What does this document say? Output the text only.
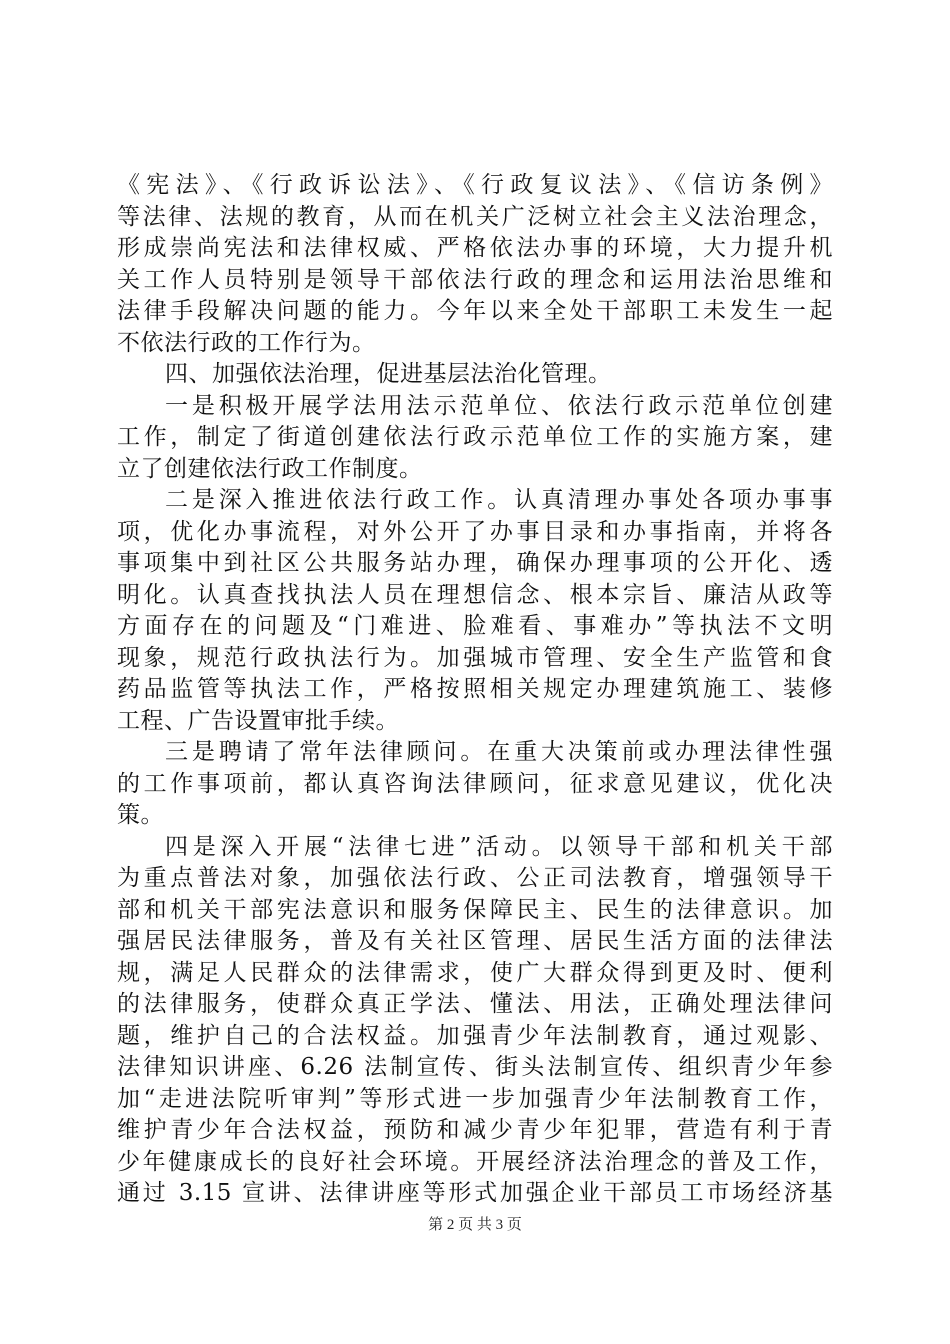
《宪法》、《行政诉讼法》、《行政复议法》、《信访条例》
等法律、法规的教育，从而在机关广泛树立社会主义法治理念，
形成崇尚宪法和法律权威、严格依法办事的环境，大力提升机
关工作人员特别是领导干部依法行政的理念和运用法治思维和
法律手段解决问题的能力。今年以来全处干部职工未发生一起
不依法行政的工作行为。
四、加强依法治理，促进基层法治化管理。
一是积极开展学法用法示范单位、依法行政示范单位创建
工作，制定了街道创建依法行政示范单位工作的实施方案，建
立了创建依法行政工作制度。
二是深入推进依法行政工作。认真清理办事处各项办事事
项，优化办事流程，对外公开了办事目录和办事指南，并将各
事项集中到社区公共服务站办理，确保办理事项的公开化、透
明化。认真查找执法人员在理想信念、根本宗旨、廉洁从政等
方面存在的问题及“门难进、脸难看、事难办”等执法不文明
现象，规范行政执法行为。加强城市管理、安全生产监管和食
药品监管等执法工作，严格按照相关规定办理建筑施工、装修
工程、广告设置审批手续。
三是聘请了常年法律顾问。在重大决策前或办理法律性强
的工作事项前，都认真咨询法律顾问，征求意见建议，优化决
策。
四是深入开展“法律七进”活动。以领导干部和机关干部
为重点普法对象，加强依法行政、公正司法教育，增强领导干
部和机关干部宪法意识和服务保障民主、民生的法律意识。加
强居民法律服务，普及有关社区管理、居民生活方面的法律法
规，满足人民群众的法律需求，使广大群众得到更及时、便利
的法律服务，使群众真正学法、懂法、用法，正确处理法律问
题，维护自己的合法权益。加强青少年法制教育，通过观影、
法律知识讲座、6.26 法制宣传、街头法制宣传、组织青少年参
加“走进法院听审判”等形式进一步加强青少年法制教育工作，
维护青少年合法权益，预防和减少青少年犯罪，营造有利于青
少年健康成长的良好社会环境。开展经济法治理念的普及工作，
通过 3.15 宣讲、法律讲座等形式加强企业干部员工市场经济基
第 2 页 共 3 页
